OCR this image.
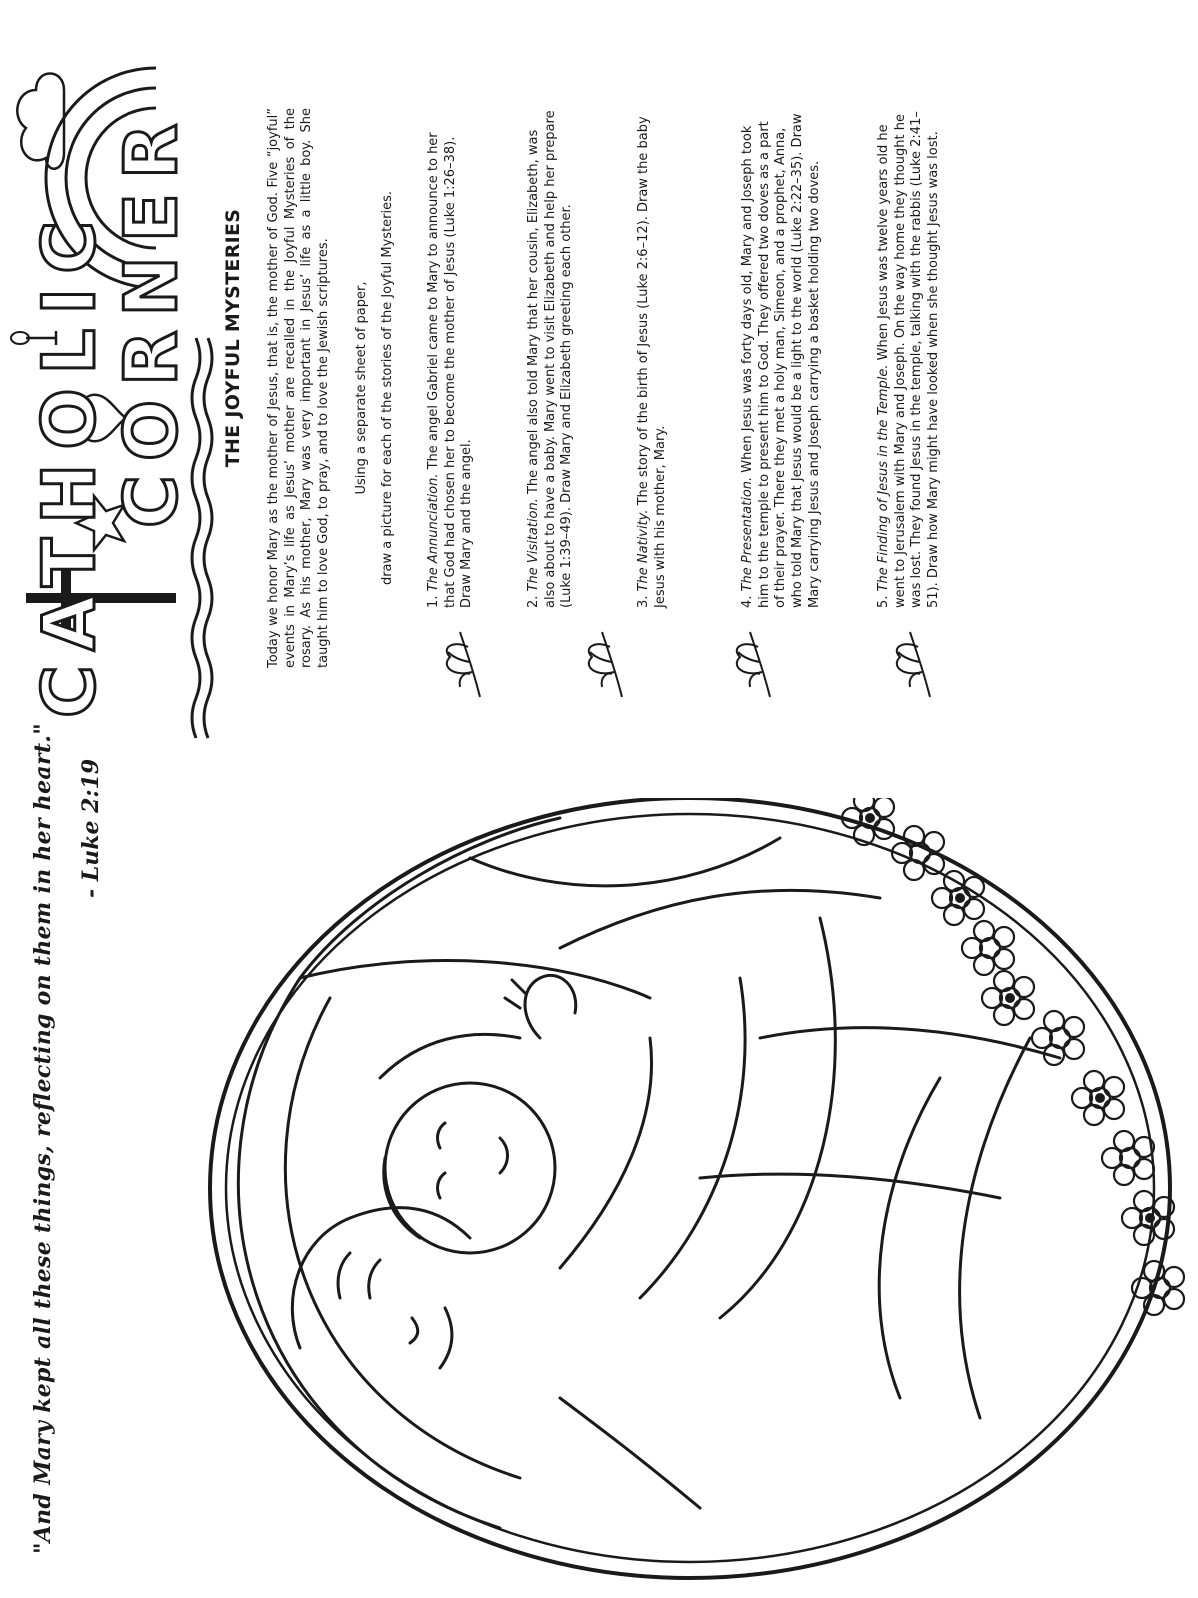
"And Mary kept all these things, reflecting on them in her heart." - Luke 2:19
CATHOLIC
CORNER THE JOYFUL MYSTERIES Today we honor Mary as the mother of Jesus, that is, the mother of God. Five “joyful” events in Mary’s life as Jesus’ mother are recalled in the Joyful Mysteries of the rosary. As his mother, Mary was very important in Jesus’ life as a little boy. She taught him to love God, to pray, and to love the Jewish scriptures. Using a separate sheet of paper, draw a picture for each of the stories of the Joyful Mysteries.
1. The Annunciation. The angel Gabriel came to Mary to announce to her that God had chosen her to become the mother of Jesus (Luke 1:26–38). Draw Mary and the angel.	2. The Visitation. The angel also told Mary that her cousin, Elizabeth, was also about to have a baby. Mary went to visit Elizabeth and help her prepare (Luke 1:39–49). Draw Mary and Elizabeth greeting each other.	3. The Nativity. The story of the birth of Jesus (Luke 2:6–12). Draw the baby Jesus with his mother, Mary.	4. The Presentation. When Jesus was forty days old, Mary and Joseph took him to the temple to present him to God. They offered two doves as a part of their prayer. There they met a holy man, Simeon, and a prophet, Anna, who told Mary that Jesus would be a light to the world (Luke 2:22–35). Draw Mary carrying Jesus and Joseph carrying a basket holding two doves.	5. The Finding of Jesus in the Temple. When Jesus was twelve years old he went to Jerusalem with Mary and Joseph. On the way home they thought he was lost. They found Jesus in the temple, talking with the rabbis (Luke 2:41–51). Draw how Mary might have looked when she thought Jesus was lost.
